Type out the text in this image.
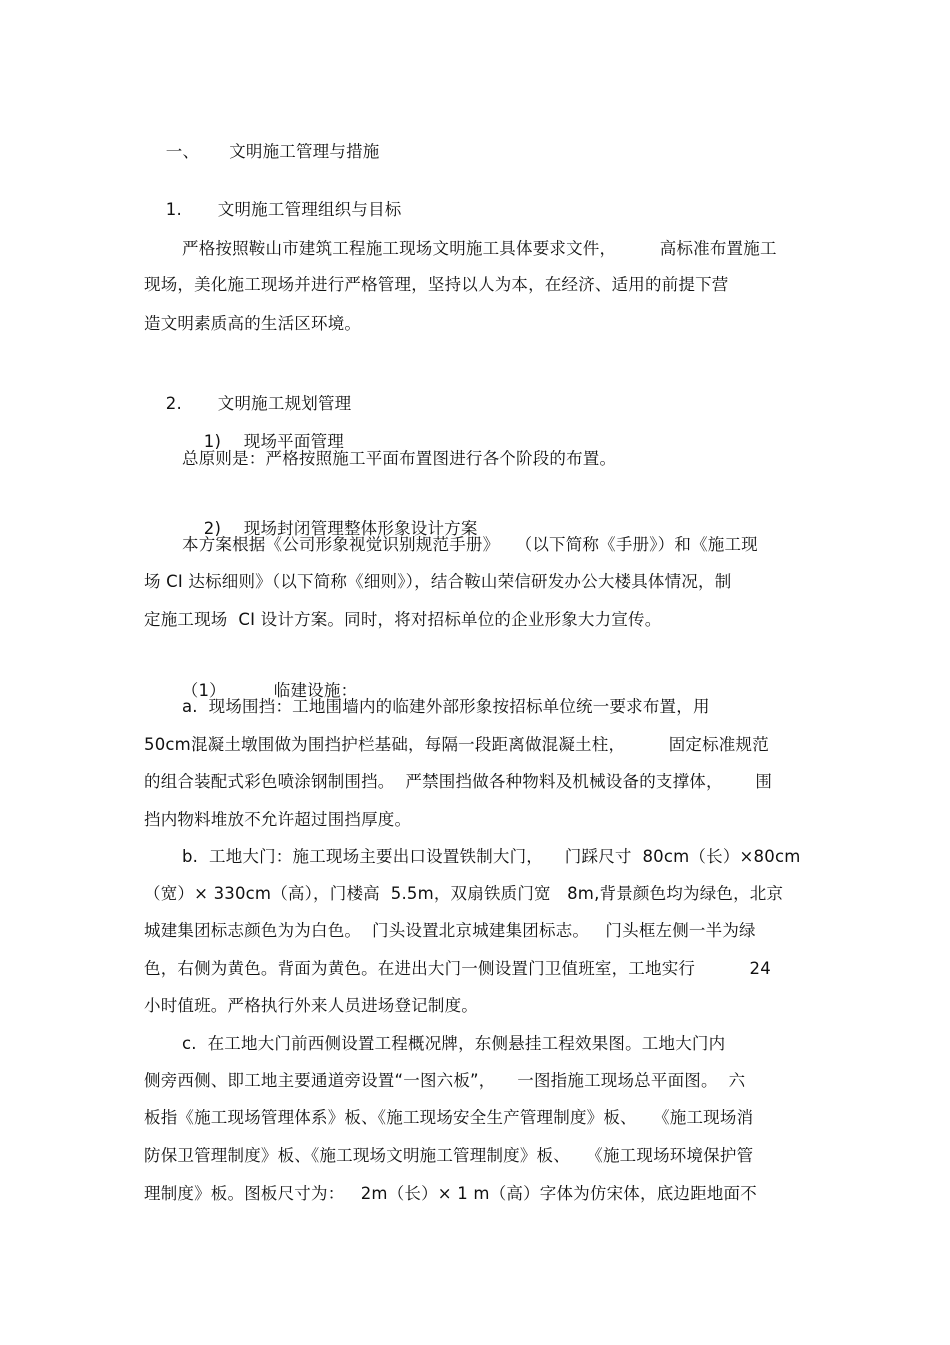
一、 文明施工管理与措施

1. 文明施工管理组织与目标

严格按照鞍山市建筑工程施工现场文明施工具体要求文件，        高标准布置施工
现场，美化施工现场并进行严格管理，坚持以人为本，在经济、适用的前提下营
造文明素质高的生活区环境。

2. 文明施工规划管理

1) 现场平面管理

总原则是：严格按照施工平面布置图进行各个阶段的布置。

2) 现场封闭管理整体形象设计方案

本方案根据《公司形象视觉识别规范手册》   （以下简称《手册》）和《施工现
场 CI 达标细则》（以下简称《细则》），结合鞍山荣信研发办公大楼具体情况，制
定施工现场  CI 设计方案。同时，将对招标单位的企业形象大力宣传。

（1）	临建设施：

a.  现场围挡：工地围墙内的临建外部形象按招标单位统一要求布置，用
50cm混凝土墩围做为围挡护栏基础，每隔一段距离做混凝土柱，        固定标准规范
的组合装配式彩色喷涂钢制围挡。  严禁围挡做各种物料及机械设备的支撑体，      围
挡内物料堆放不允许超过围挡厚度。
b.  工地大门：施工现场主要出口设置铁制大门，    门踩尺寸  80cm（长）×80cm
（宽）× 330cm（高），门楼高  5.5m，双扇铁质门宽   8m,背景颜色均为绿色，北京
城建集团标志颜色为为白色。  门头设置北京城建集团标志。   门头框左侧一半为绿
色，右侧为黄色。背面为黄色。在进出大门一侧设置门卫值班室，工地实行          24
小时值班。严格执行外来人员进场登记制度。
c.  在工地大门前西侧设置工程概况牌，东侧悬挂工程效果图。工地大门内
侧旁西侧、即工地主要通道旁设置“一图六板”，    一图指施工现场总平面图。  六
板指《施工现场管理体系》板、《施工现场安全生产管理制度》板、   《施工现场消
防保卫管理制度》板、《施工现场文明施工管理制度》板、   《施工现场环境保护管
理制度》板。图板尺寸为：   2m（长）× 1 m（高）字体为仿宋体，底边距地面不
